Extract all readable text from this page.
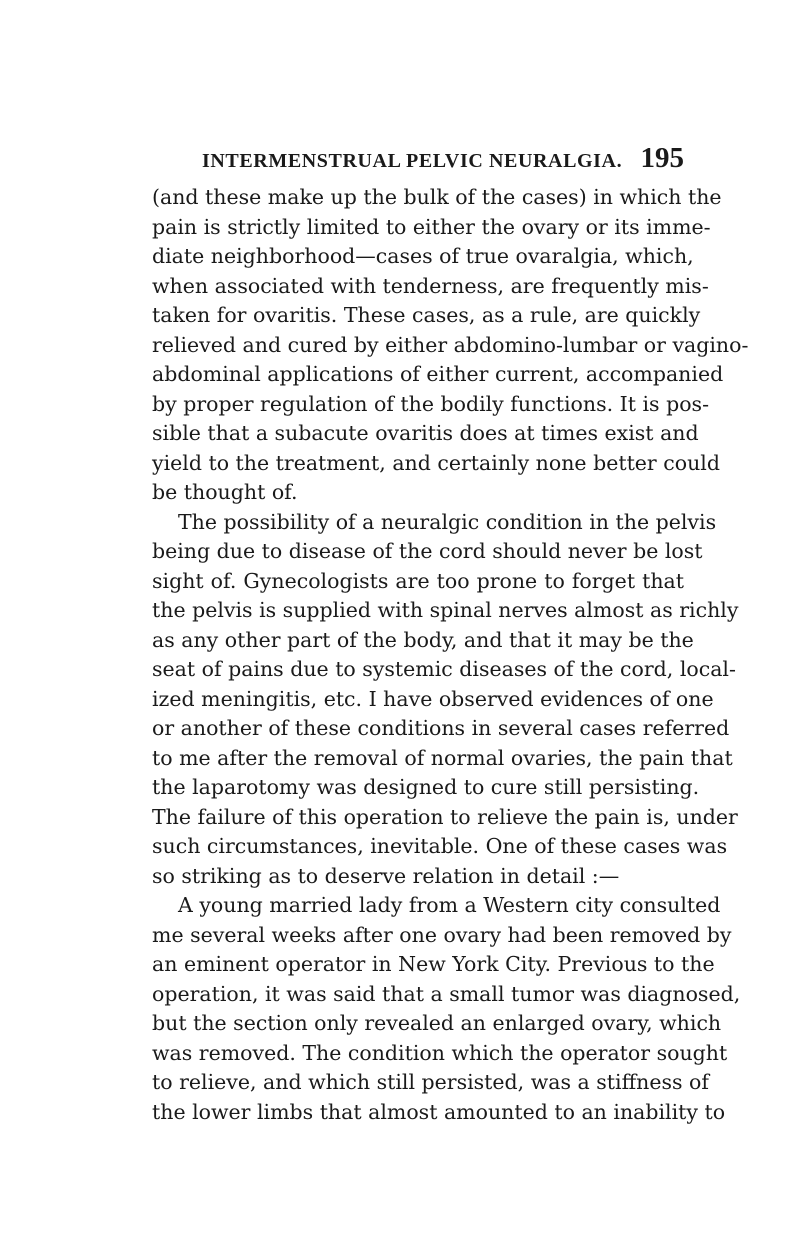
INTERMENSTRUAL PELVIC NEURALGIA. 195
(and these make up the bulk of the cases) in which the
pain is strictly limited to either the ovary or its imme-
diate neighborhood—cases of true ovaralgia, which,
when associated with tenderness, are frequently mis-
taken for ovaritis. These cases, as a rule, are quickly
relieved and cured by either abdomino-lumbar or vagino-
abdominal applications of either current, accompanied
by proper regulation of the bodily functions. It is pos-
sible that a subacute ovaritis does at times exist and
yield to the treatment, and certainly none better could
be thought of.
The possibility of a neuralgic condition in the pelvis
being due to disease of the cord should never be lost
sight of. Gynecologists are too prone to forget that
the pelvis is supplied with spinal nerves almost as richly
as any other part of the body, and that it may be the
seat of pains due to systemic diseases of the cord, local-
ized meningitis, etc. I have observed evidences of one
or another of these conditions in several cases referred
to me after the removal of normal ovaries, the pain that
the laparotomy was designed to cure still persisting.
The failure of this operation to relieve the pain is, under
such circumstances, inevitable. One of these cases was
so striking as to deserve relation in detail :—
A young married lady from a Western city consulted
me several weeks after one ovary had been removed by
an eminent operator in New York City. Previous to the
operation, it was said that a small tumor was diagnosed,
but the section only revealed an enlarged ovary, which
was removed. The condition which the operator sought
to relieve, and which still persisted, was a stiffness of
the lower limbs that almost amounted to an inability to
